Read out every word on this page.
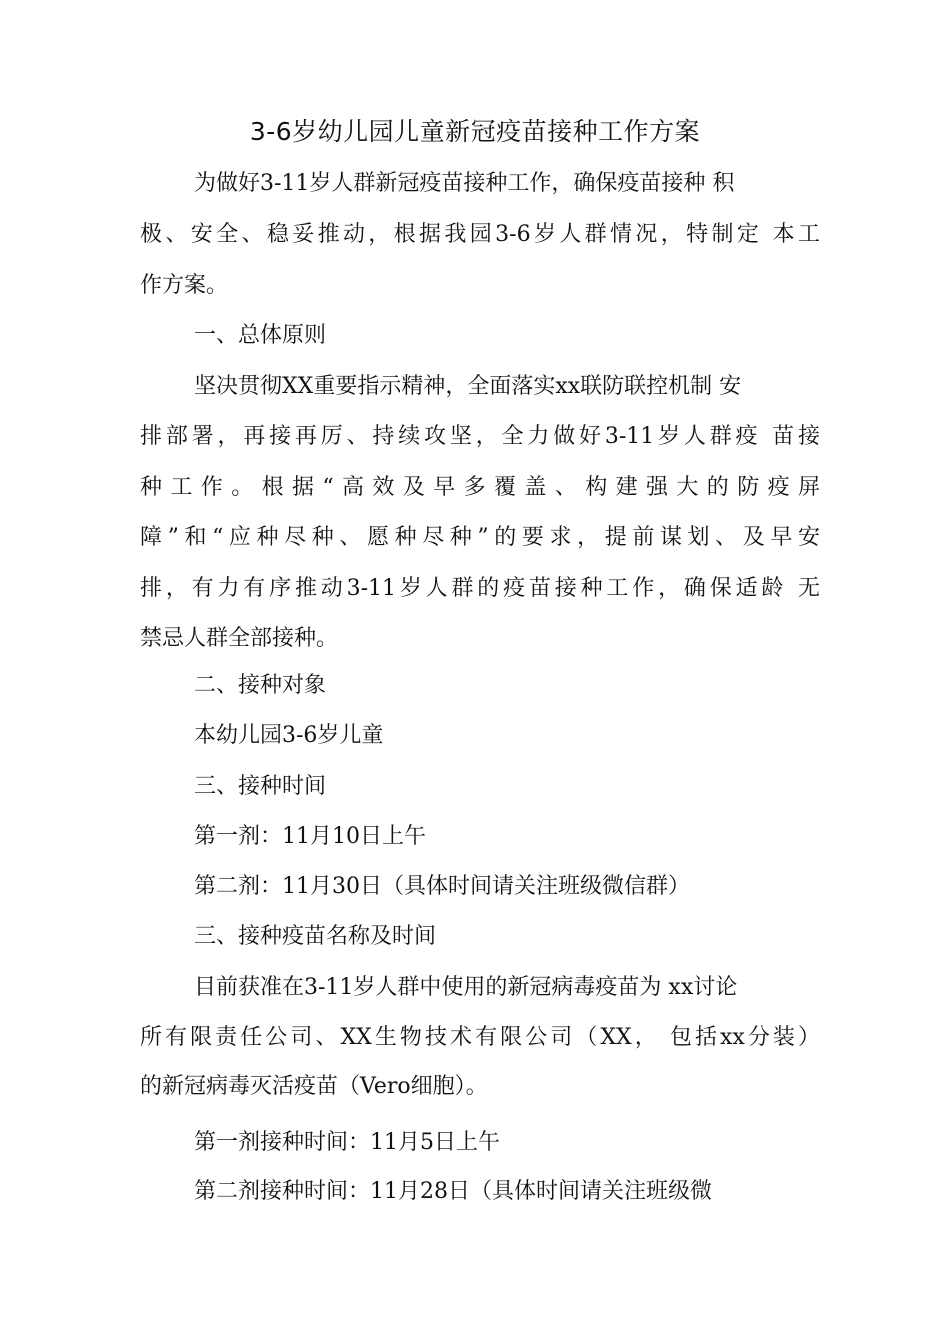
3-6岁幼儿园儿童新冠疫苗接种工作方案
为做好3-11岁人群新冠疫苗接种工作，确保疫苗接种 积
极、安全、稳妥推动，根据我园3-6岁人群情况，特制定 本工
作方案。
一、总体原则
坚决贯彻XX重要指示精神，全面落实xx联防联控机制 安
排部署，再接再厉、持续攻坚，全力做好3-11岁人群疫 苗接
种工作。根据“高效及早多覆盖、构建强大的防疫屏
障”和“应种尽种、愿种尽种”的要求，提前谋划、及早安
排，有力有序推动3-11岁人群的疫苗接种工作，确保适龄 无
禁忌人群全部接种。
二、接种对象
本幼儿园3-6岁儿童
三、接种时间
第一剂：11月10日上午
第二剂：11月30日（具体时间请关注班级微信群）
三、接种疫苗名称及时间
目前获准在3-11岁人群中使用的新冠病毒疫苗为 xx讨论
所有限责任公司、XX生物技术有限公司（XX， 包括xx分装）
的新冠病毒灭活疫苗（Vero细胞）。
第一剂接种时间：11月5日上午
第二剂接种时间：11月28日（具体时间请关注班级微
